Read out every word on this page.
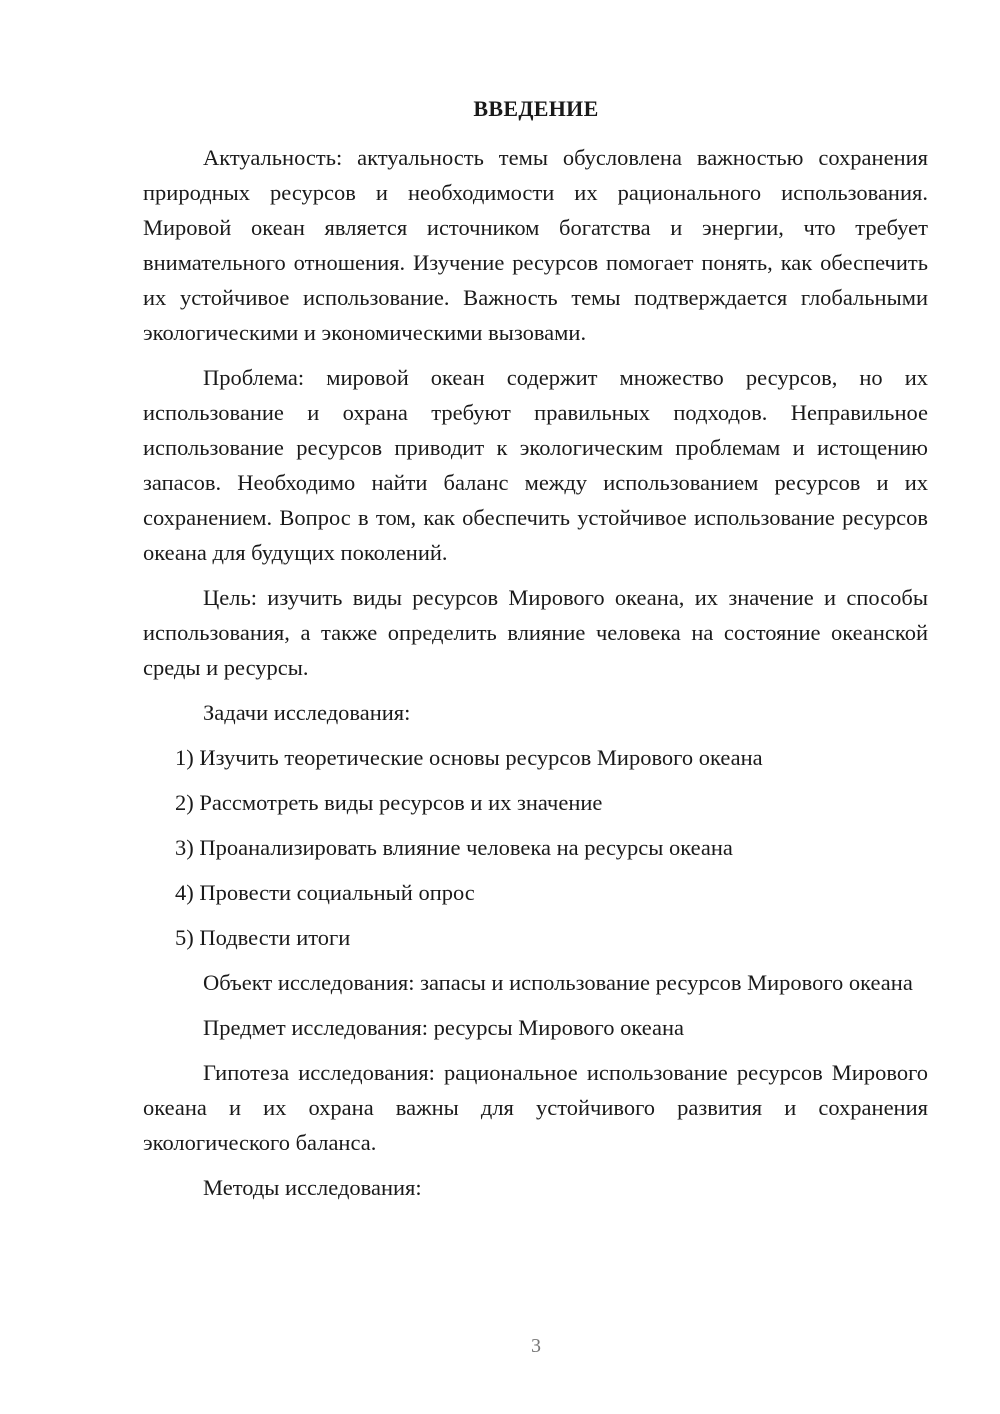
ВВЕДЕНИЕ

Актуальность: актуальность темы обусловлена важностью сохранения природных ресурсов и необходимости их рационального использования. Мировой океан является источником богатства и энергии, что требует внимательного отношения. Изучение ресурсов помогает понять, как обеспечить их устойчивое использование. Важность темы подтверждается глобальными экологическими и экономическими вызовами.

Проблема: мировой океан содержит множество ресурсов, но их использование и охрана требуют правильных подходов. Неправильное использование ресурсов приводит к экологическим проблемам и истощению запасов. Необходимо найти баланс между использованием ресурсов и их сохранением. Вопрос в том, как обеспечить устойчивое использование ресурсов океана для будущих поколений.

Цель: изучить виды ресурсов Мирового океана, их значение и способы использования, а также определить влияние человека на состояние океанской среды и ресурсы.

Задачи исследования:

1) Изучить теоретические основы ресурсов Мирового океана

2) Рассмотреть виды ресурсов и их значение

3) Проанализировать влияние человека на ресурсы океана

4) Провести социальный опрос

5) Подвести итоги

Объект исследования: запасы и использование ресурсов Мирового океана

Предмет исследования: ресурсы Мирового океана

Гипотеза исследования: рациональное использование ресурсов Мирового океана и их охрана важны для устойчивого развития и сохранения экологического баланса.

Методы исследования:

3
